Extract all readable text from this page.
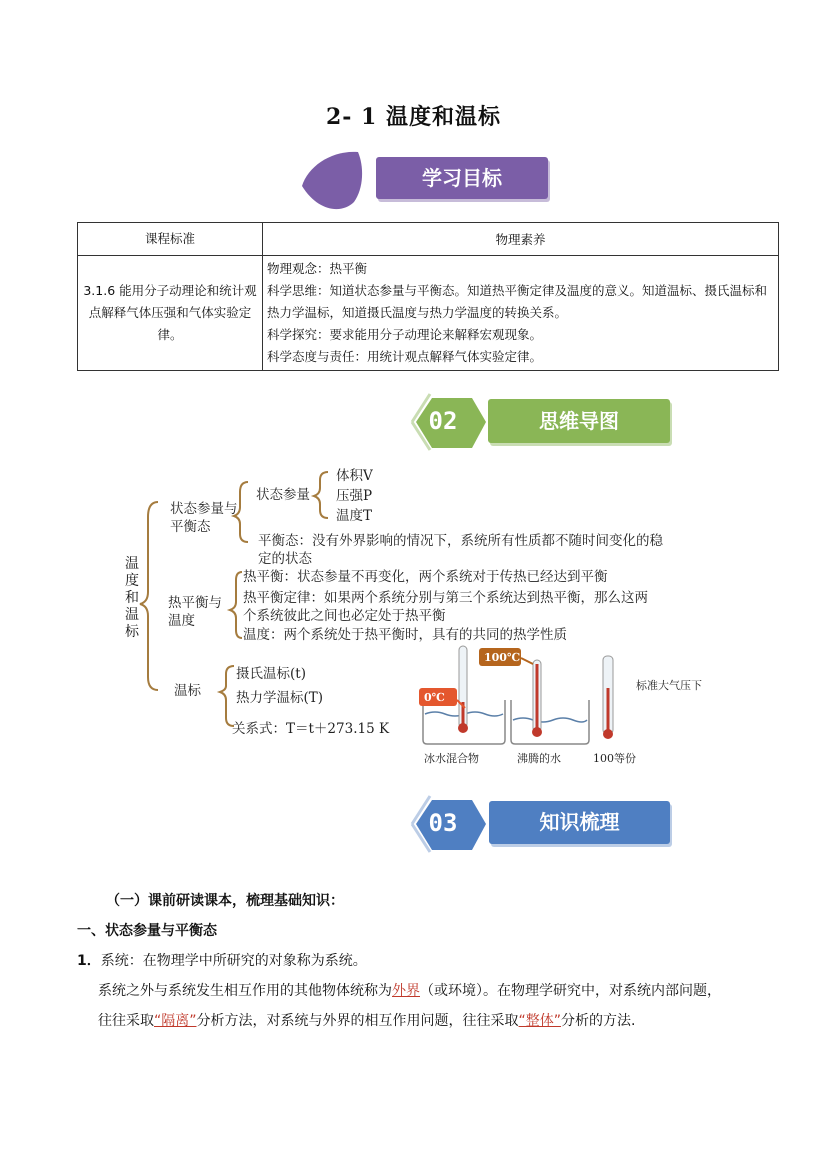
2- 1 温度和温标
学习目标
课程标准	物理素养
3.1.6 能用分子动理论和统计观点解释气体压强和气体实验定律。	物理观念：热平衡
科学思维：知道状态参量与平衡态。知道热平衡定律及温度的意义。知道温标、摄氏温标和热力学温标，知道摄氏温度与热力学温度的转换关系。
科学探究：要求能用分子动理论来解释宏观现象。
科学态度与责任：用统计观点解释气体实验定律。
02	思维导图
温度和温标
状态参量与平衡态
状态参量
体积V
压强P
温度T
平衡态：没有外界影响的情况下，系统所有性质都不随时间变化的稳
定的状态
热平衡与温度
热平衡：状态参量不再变化，两个系统对于传热已经达到平衡
热平衡定律：如果两个系统分别与第三个系统达到热平衡，那么这两
个系统彼此之间也必定处于热平衡
温度：两个系统处于热平衡时，具有的共同的热学性质
温标
摄氏温标(t)
热力学温标(T)
关系式：T＝t＋273.15 K
0℃
100℃
冰水混合物	沸腾的水	100等份
标准大气压下
03	知识梳理
（一）课前研读课本，梳理基础知识：
一、状态参量与平衡态
1．系统：在物理学中所研究的对象称为系统。
系统之外与系统发生相互作用的其他物体统称为外界（或环境）。在物理学研究中，对系统内部问题，
往往采取“隔离”分析方法，对系统与外界的相互作用问题，往往采取“整体”分析的方法.
